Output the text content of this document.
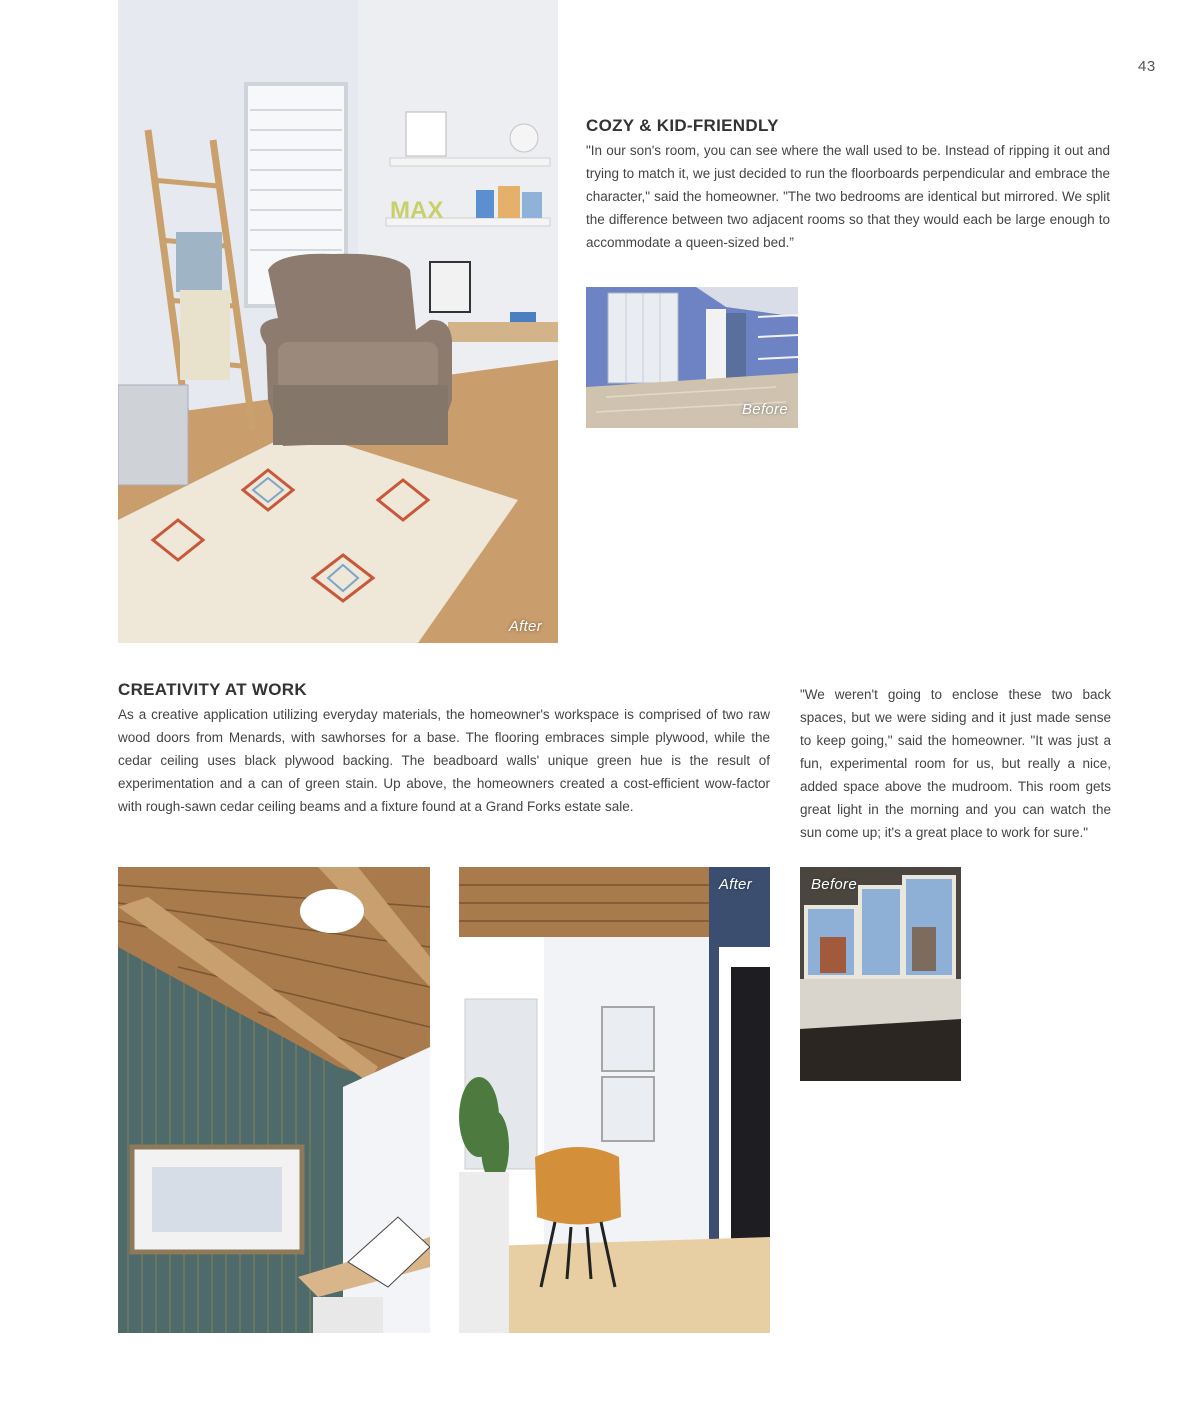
43
MAX
After
COZY & KID-FRIENDLY

"In our son's room, you can see where the wall used to be. Instead of ripping it out and trying to match it, we just decided to run the floorboards perpendicular and embrace the character," said the homeowner. "The two bedrooms are identical but mirrored. We split the difference between two adjacent rooms so that they would each be large enough to accommodate a queen-sized bed.”

Before
CREATIVITY AT WORK

As a creative application utilizing everyday materials, the homeowner's workspace is comprised of two raw wood doors from Menards, with sawhorses for a base. The flooring embraces simple plywood, while the cedar ceiling uses black plywood backing. The beadboard walls' unique green hue is the result of experimentation and a can of green stain. Up above, the homeowners created a cost-efficient wow-factor with rough-sawn cedar ceiling beams and a fixture found at a Grand Forks estate sale.

"We weren't going to enclose these two back spaces, but we were siding and it just made sense to keep going," said the homeowner. "It was just a fun, experimental room for us, but really a nice, added space above the mudroom. This room gets great light in the morning and you can watch the sun come up; it's a great place to work for sure."

After	Before
